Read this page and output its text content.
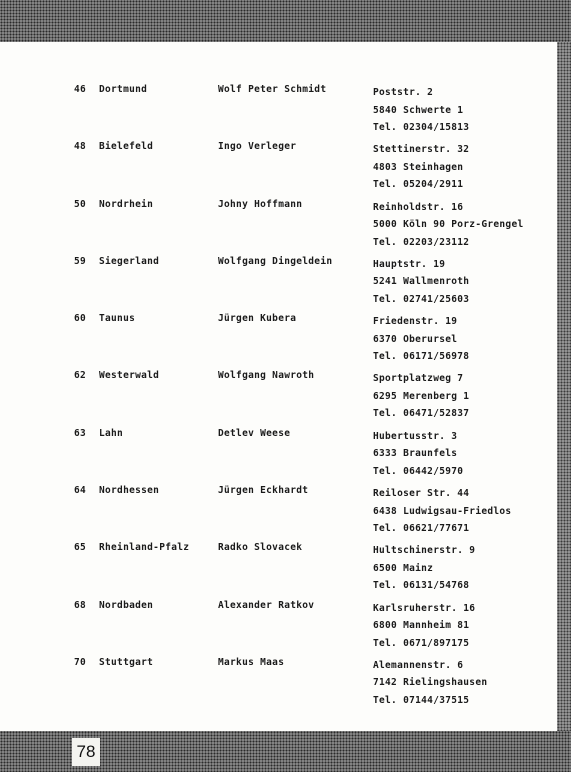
46 Dortmund	Wolf Peter Schmidt	Poststr. 2
5840 Schwerte 1
Tel. 02304/15813
48 Bielefeld	Ingo Verleger	Stettinerstr. 32
4803 Steinhagen
Tel. 05204/2911
50 Nordrhein	Johny Hoffmann	Reinholdstr. 16
5000 Köln 90 Porz-Grengel
Tel. 02203/23112
59 Siegerland	Wolfgang Dingeldein	Hauptstr. 19
5241 Wallmenroth
Tel. 02741/25603
60 Taunus	Jürgen Kubera	Friedenstr. 19
6370 Oberursel
Tel. 06171/56978
62 Westerwald	Wolfgang Nawroth	Sportplatzweg 7
6295 Merenberg 1
Tel. 06471/52837
63 Lahn	Detlev Weese	Hubertusstr. 3
6333 Braunfels
Tel. 06442/5970
64 Nordhessen	Jürgen Eckhardt	Reiloser Str. 44
6438 Ludwigsau-Friedlos
Tel. 06621/77671
65 Rheinland-Pfalz	Radko Slovacek	Hultschinerstr. 9
6500 Mainz
Tel. 06131/54768
68 Nordbaden	Alexander Ratkov	Karlsruherstr. 16
6800 Mannheim 81
Tel. 0671/897175
70 Stuttgart	Markus Maas	Alemannenstr. 6
7142 Rielingshausen
Tel. 07144/37515
78
